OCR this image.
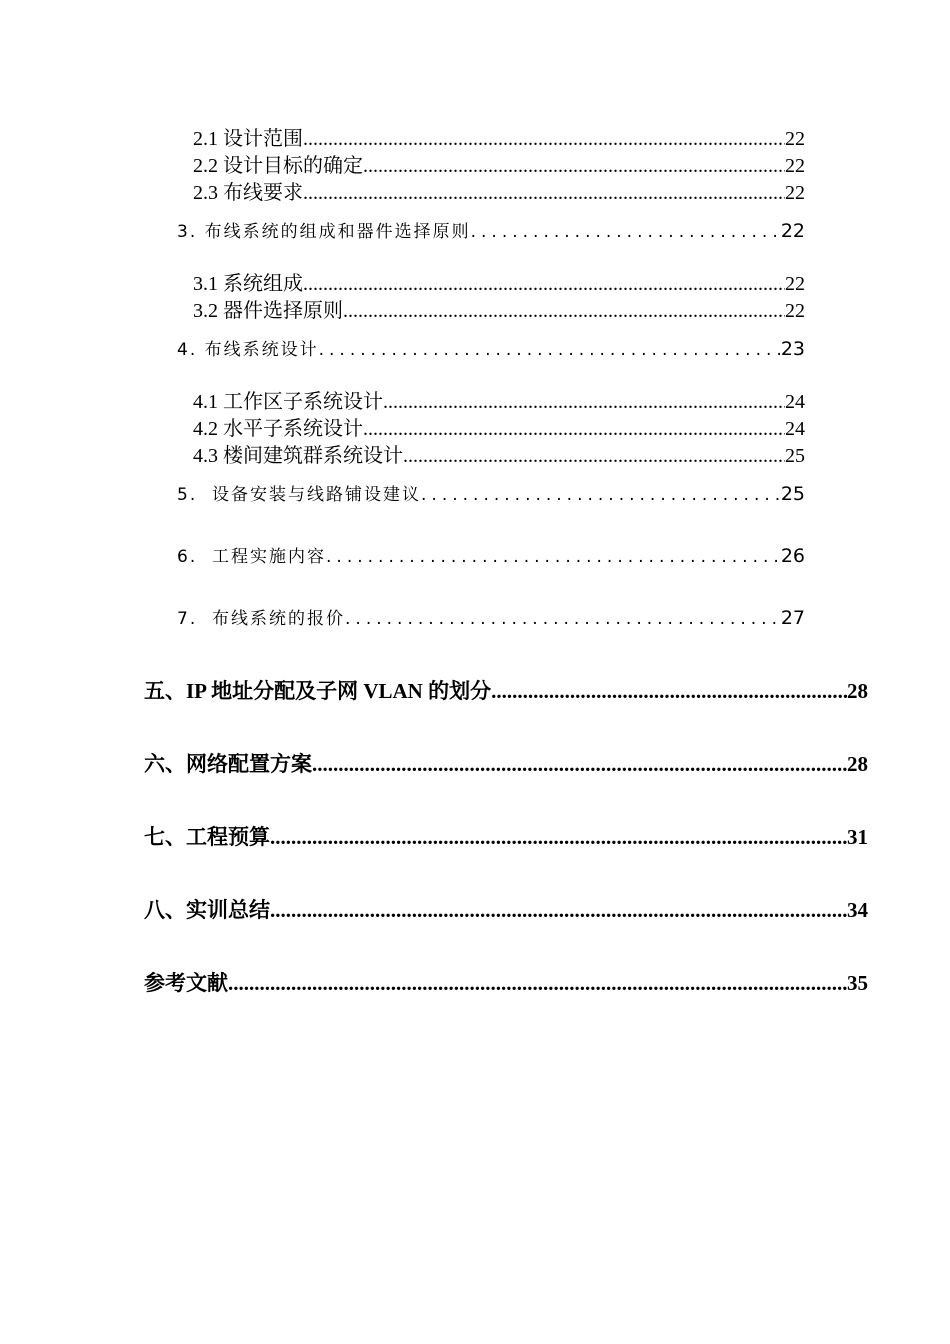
2.1 设计范围 .....	22
2.2 设计目标的确定 .....	22
2.3 布线要求 .....	22
3. 布线系统的组成和器件选择原则 .....	22
3.1 系统组成 .....	22
3.2 器件选择原则 .....	22
4. 布线系统设计 .....	23
4.1 工作区子系统设计 .....	24
4.2 水平子系统设计 .....	24
4.3 楼间建筑群系统设计 .....	25
5.  设备安装与线路铺设建议 .....	25
6.  工程实施内容 .....	26
7.  布线系统的报价 .....	27
五、IP 地址分配及子网 VLAN 的划分 .....	28
六、网络配置方案 .....	28
七、工程预算 .....	31
八、实训总结 .....	34
参考文献 .....	35
